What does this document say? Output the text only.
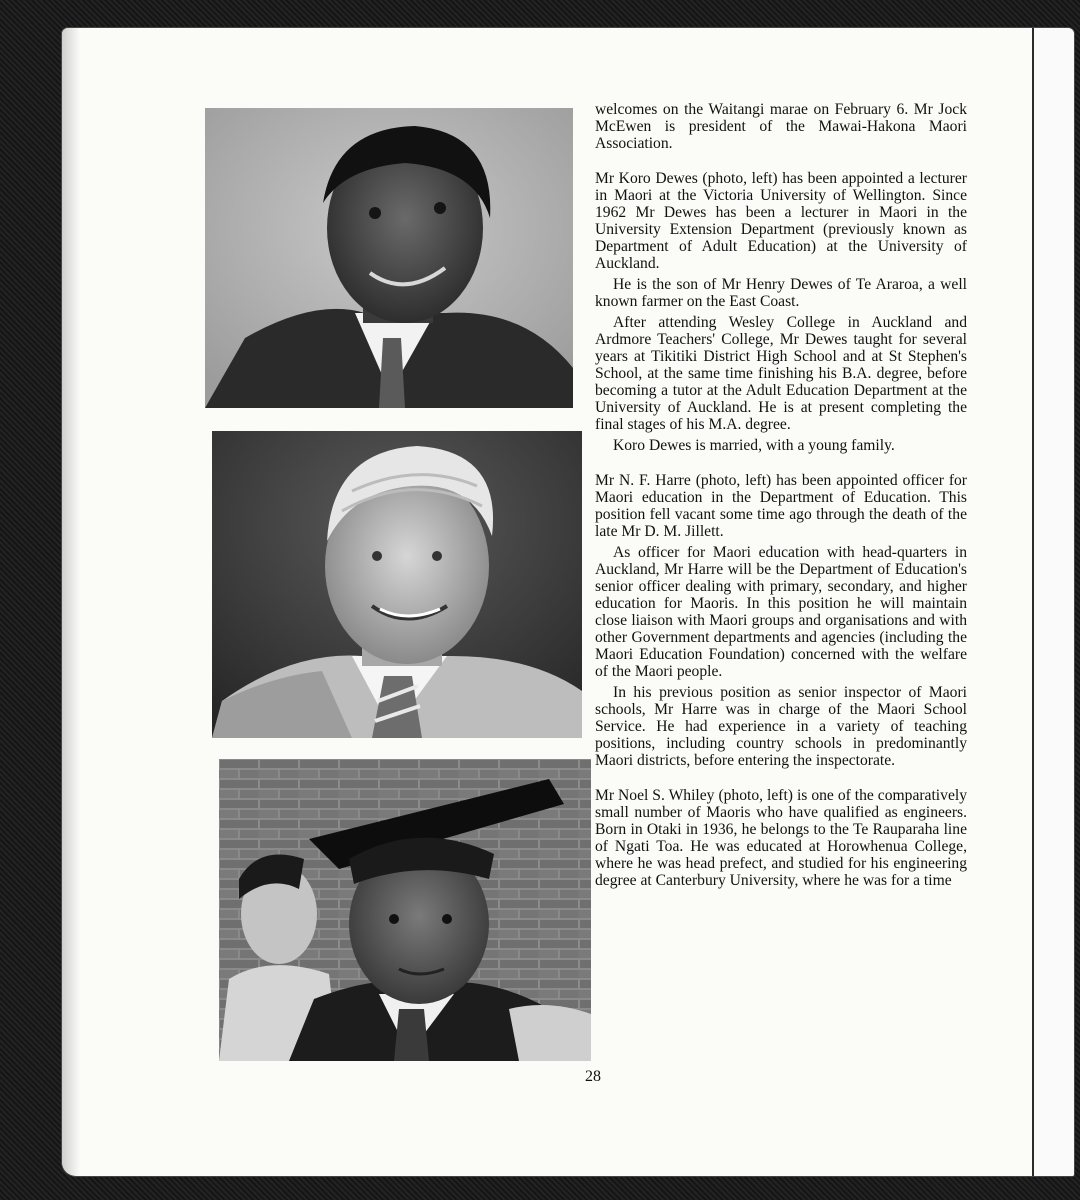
welcomes on the Waitangi marae on February 6. Mr Jock McEwen is president of the Mawai-Hakona Maori Association.

Mr Koro Dewes (photo, left) has been appointed a lecturer in Maori at the Victoria University of Wellington. Since 1962 Mr Dewes has been a lecturer in Maori in the University Extension Department (previously known as Department of Adult Education) at the University of Auckland.

He is the son of Mr Henry Dewes of Te Araroa, a well known farmer on the East Coast.

After attending Wesley College in Auckland and Ardmore Teachers' College, Mr Dewes taught for several years at Tikitiki District High School and at St Stephen's School, at the same time finishing his B.A. degree, before becoming a tutor at the Adult Education Department at the University of Auckland. He is at present completing the final stages of his M.A. degree.

Koro Dewes is married, with a young family.

Mr N. F. Harre (photo, left) has been appointed officer for Maori education in the Department of Education. This position fell vacant some time ago through the death of the late Mr D. M. Jillett.

As officer for Maori education with head-quarters in Auckland, Mr Harre will be the Department of Education's senior officer dealing with primary, secondary, and higher education for Maoris. In this position he will maintain close liaison with Maori groups and organisations and with other Government departments and agencies (including the Maori Education Foundation) concerned with the welfare of the Maori people.

In his previous position as senior inspector of Maori schools, Mr Harre was in charge of the Maori School Service. He had experience in a variety of teaching positions, including country schools in predominantly Maori districts, before entering the inspectorate.

Mr Noel S. Whiley (photo, left) is one of the comparatively small number of Maoris who have qualified as engineers. Born in Otaki in 1936, he belongs to the Te Rauparaha line of Ngati Toa. He was educated at Horowhenua College, where he was head prefect, and studied for his engineering degree at Canterbury University, where he was for a time

28
